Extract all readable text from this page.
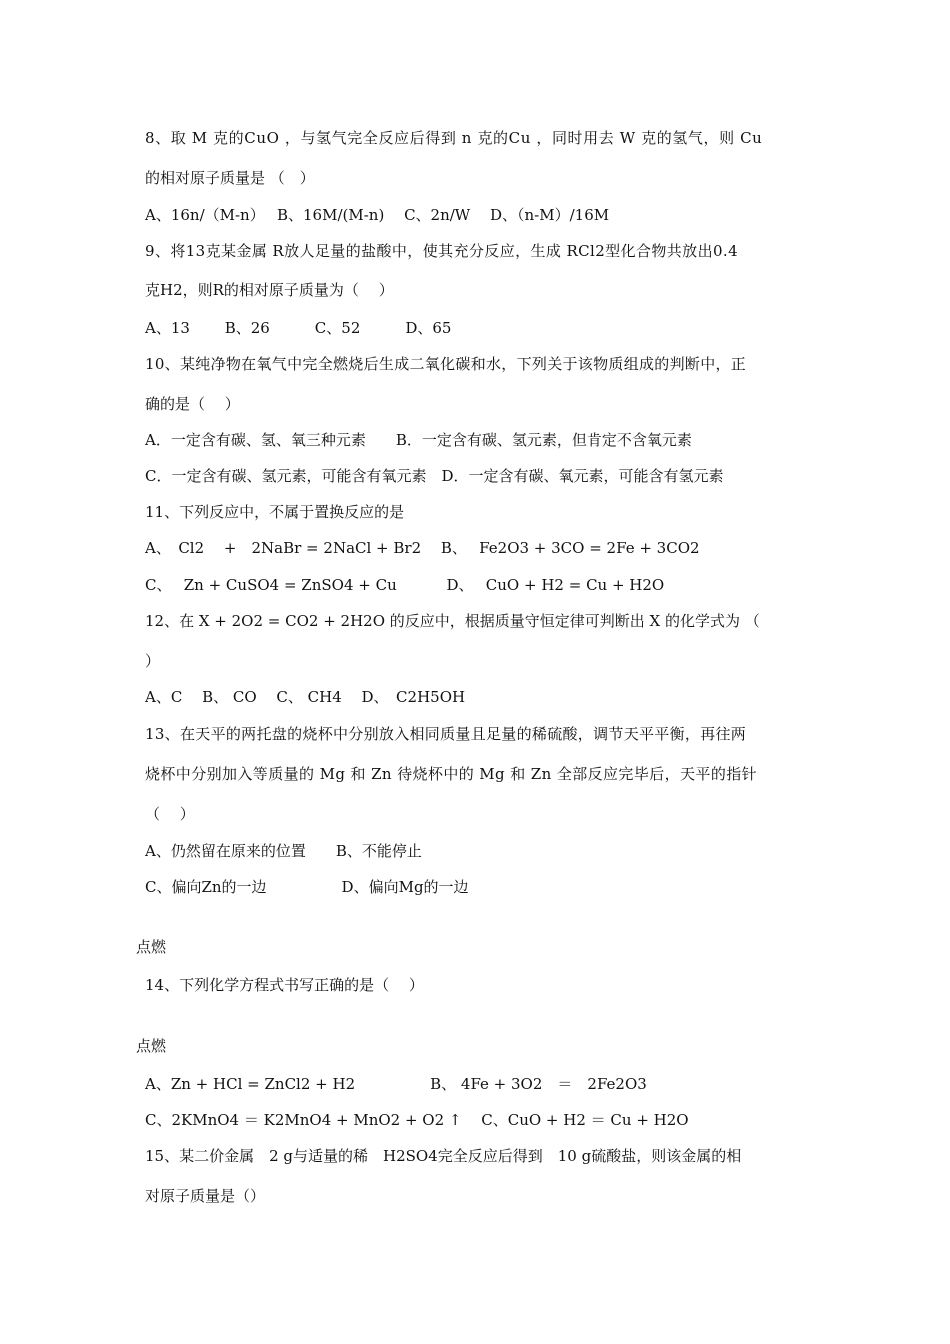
8、取 M 克的CuO ，与氢气完全反应后得到 n 克的Cu ，同时用去 W 克的氢气，则 Cu
的相对原子质量是 （　）
A、16n/（M-n）　 B、16M/(M-n)　 C、2n/W　 D、（n-M）/16M
9、将13克某金属 R放人足量的盐酸中，使其充分反应，生成 RCl2型化合物共放出0.4
克H2，则R的相对原子质量为（　 ）
A、13　　 B、26　　　C、52　　　D、65
10、某纯净物在氧气中完全燃烧后生成二氧化碳和水，下列关于该物质组成的判断中，正
确的是（　 ）
A．一定含有碳、氢、氧三种元素　　B．一定含有碳、氢元素，但肯定不含氧元素
C．一定含有碳、氢元素，可能含有氧元素　D．一定含有碳、氧元素，可能含有氢元素
11、下列反应中，不属于置换反应的是
A、　Cl2　 +　2NaBr = 2NaCl + Br2　 B、　 Fe2O3 + 3CO = 2Fe + 3CO2
C、　 Zn + CuSO4 = ZnSO4 + Cu　　　 D、　 CuO + H2 = Cu + H2O
12、在 X + 2O2 = CO2 + 2H2O 的反应中，根据质量守恒定律可判断出 X 的化学式为 （
）
A、C　 B、 CO　 C、 CH4　 D、　C2H5OH
13、在天平的两托盘的烧杯中分别放入相同质量且足量的稀硫酸，调节天平平衡，再往两
烧杯中分别加入等质量的 Mg 和 Zn 待烧杯中的 Mg 和 Zn 全部反应完毕后，天平的指针
（　 ）
A、仍然留在原来的位置　　B、不能停止
C、偏向Zn的一边　　　　　D、偏向Mg的一边
点燃
14、下列化学方程式书写正确的是（　 ）
点燃
A、Zn + HCl = ZnCl2 + H2　　　　　B、 4Fe + 3O2　＝　2Fe2O3
C、2KMnO4 ＝ K2MnO4 + MnO2 + O2 ↑　 C、CuO + H2 ＝ Cu + H2O
15、某二价金属　2 g与适量的稀　H2SO4完全反应后得到　10 g硫酸盐，则该金属的相
对原子质量是（）
